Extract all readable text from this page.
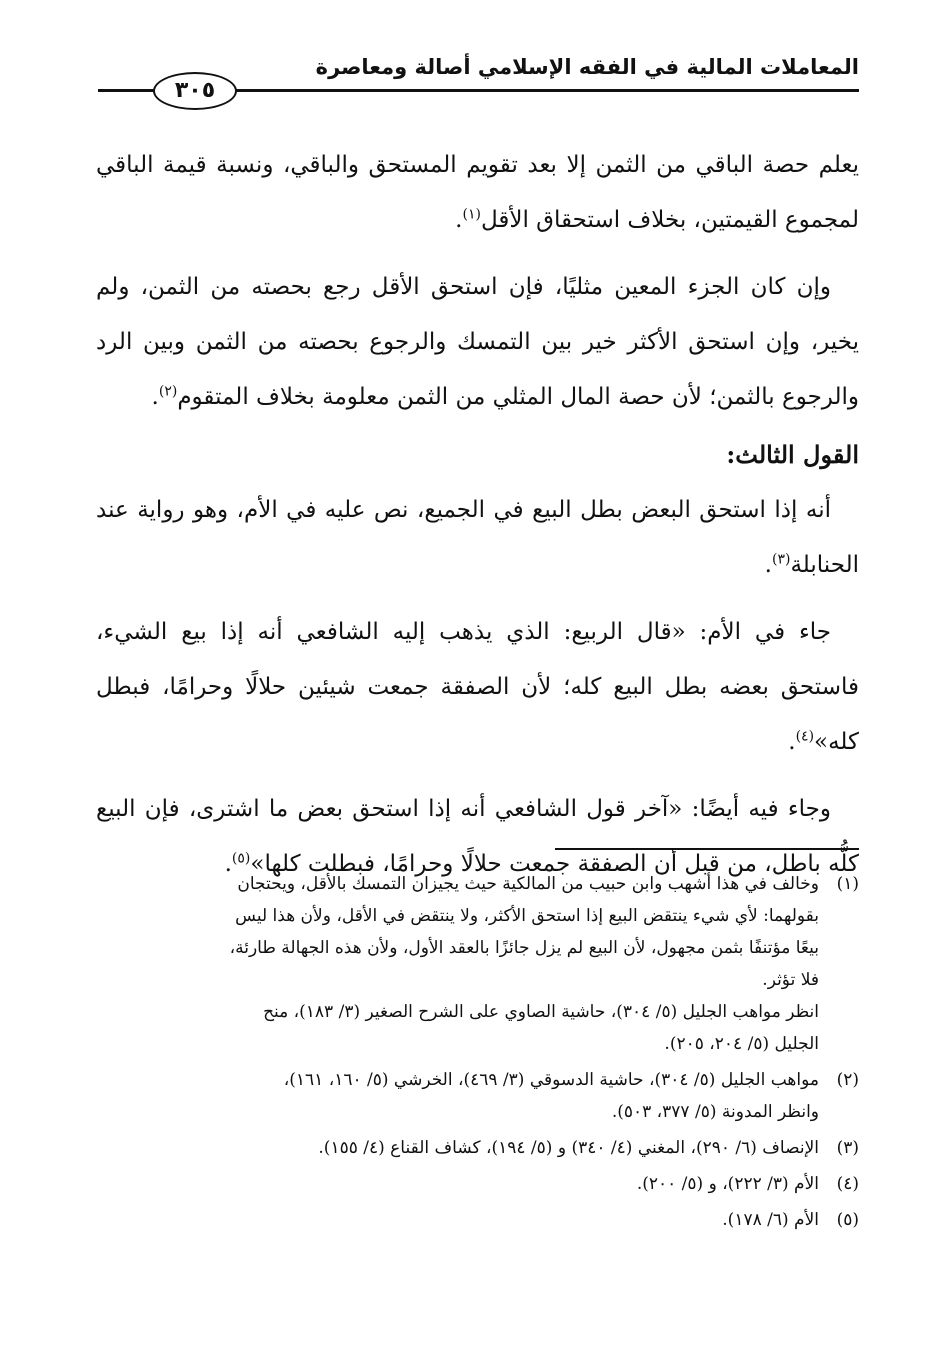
المعاملات المالية في الفقه الإسلامي أصالة ومعاصرة
٣٠٥

يعلم حصة الباقي من الثمن إلا بعد تقويم المستحق والباقي، ونسبة قيمة الباقي لمجموع القيمتين، بخلاف استحقاق الأقل$^{(١)}$.

وإن كان الجزء المعين مثليًا، فإن استحق الأقل رجع بحصته من الثمن، ولم يخير، وإن استحق الأكثر خير بين التمسك والرجوع بحصته من الثمن وبين الرد والرجوع بالثمن؛ لأن حصة المال المثلي من الثمن معلومة بخلاف المتقوم$^{(٢)}$.

القول الثالث:

أنه إذا استحق البعض بطل البيع في الجميع، نص عليه في الأم، وهو رواية عند الحنابلة$^{(٣)}$.

جاء في الأم: «قال الربيع: الذي يذهب إليه الشافعي أنه إذا بيع الشيء، فاستحق بعضه بطل البيع كله؛ لأن الصفقة جمعت شيئين حلالًا وحرامًا، فبطل كله»$^{(٤)}$.

وجاء فيه أيضًا: «آخر قول الشافعي أنه إذا استحق بعض ما اشترى، فإن البيع كلُّه باطل، من قبل أن الصفقة جمعت حلالًا وحرامًا، فبطلت كلها»$^{(٥)}$.

(١)
وخالف في هذا أشهب وابن حبيب من المالكية حيث يجيزان التمسك بالأقل، ويحتجان
بقولهما: لأي شيء ينتقض البيع إذا استحق الأكثر، ولا ينتقض في الأقل، ولأن هذا ليس
بيعًا مؤتنفًا بثمن مجهول، لأن البيع لم يزل جائزًا بالعقد الأول، ولأن هذه الجهالة طارئة،
فلا تؤثر.
انظر مواهب الجليل (٥/ ٣٠٤)، حاشية الصاوي على الشرح الصغير (٣/ ١٨٣)، منح
الجليل (٥/ ٢٠٤، ٢٠٥).
(٢)
مواهب الجليل (٥/ ٣٠٤)، حاشية الدسوقي (٣/ ٤٦٩)، الخرشي (٥/ ١٦٠، ١٦١)،
وانظر المدونة (٥/ ٣٧٧، ٥٠٣).
(٣)
الإنصاف (٦/ ٢٩٠)، المغني (٤/ ٣٤٠) و (٥/ ١٩٤)، كشاف القناع (٤/ ١٥٥).
(٤)
الأم (٣/ ٢٢٢)، و (٥/ ٢٠٠).
(٥)
الأم (٦/ ١٧٨).
